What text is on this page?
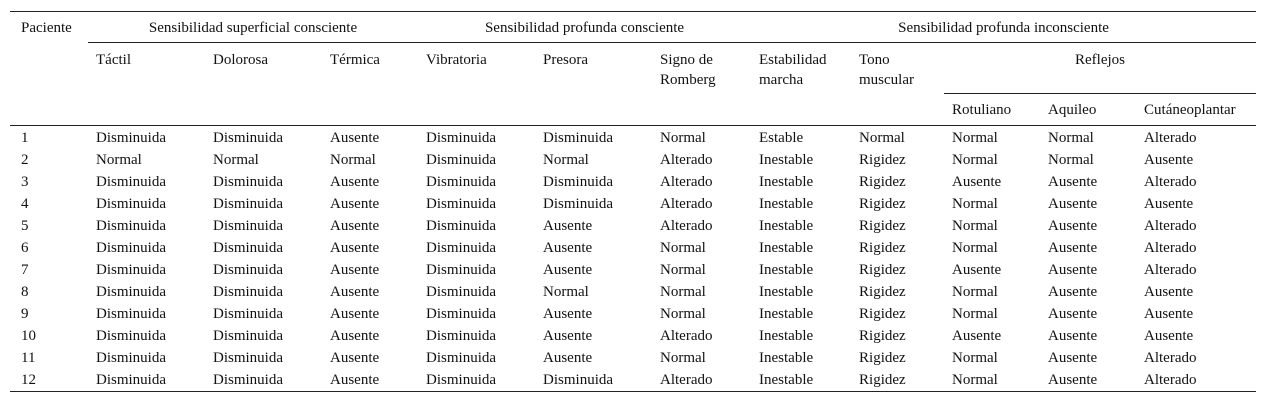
Paciente	Sensibilidad superficial consciente			Sensibilidad profunda consciente			Sensibilidad profunda inconsciente				
	Táctil	Dolorosa	Térmica	Vibratoria	Presora	Signo de Romberg	Estabilidad marcha	Tono muscular	Reflejos		
									Rotuliano	Aquileo	Cutáneoplantar
1	Disminuida	Disminuida	Ausente	Disminuida	Disminuida	Normal	Estable	Normal	Normal	Normal	Alterado
2	Normal	Normal	Normal	Disminuida	Normal	Alterado	Inestable	Rigidez	Normal	Normal	Ausente
3	Disminuida	Disminuida	Ausente	Disminuida	Disminuida	Alterado	Inestable	Rigidez	Ausente	Ausente	Alterado
4	Disminuida	Disminuida	Ausente	Disminuida	Disminuida	Alterado	Inestable	Rigidez	Normal	Ausente	Ausente
5	Disminuida	Disminuida	Ausente	Disminuida	Ausente	Alterado	Inestable	Rigidez	Normal	Ausente	Alterado
6	Disminuida	Disminuida	Ausente	Disminuida	Ausente	Normal	Inestable	Rigidez	Normal	Ausente	Alterado
7	Disminuida	Disminuida	Ausente	Disminuida	Ausente	Normal	Inestable	Rigidez	Ausente	Ausente	Alterado
8	Disminuida	Disminuida	Ausente	Disminuida	Normal	Normal	Inestable	Rigidez	Normal	Ausente	Ausente
9	Disminuida	Disminuida	Ausente	Disminuida	Ausente	Normal	Inestable	Rigidez	Normal	Ausente	Ausente
10	Disminuida	Disminuida	Ausente	Disminuida	Ausente	Alterado	Inestable	Rigidez	Ausente	Ausente	Ausente
11	Disminuida	Disminuida	Ausente	Disminuida	Ausente	Normal	Inestable	Rigidez	Normal	Ausente	Alterado
12	Disminuida	Disminuida	Ausente	Disminuida	Disminuida	Alterado	Inestable	Rigidez	Normal	Ausente	Alterado
